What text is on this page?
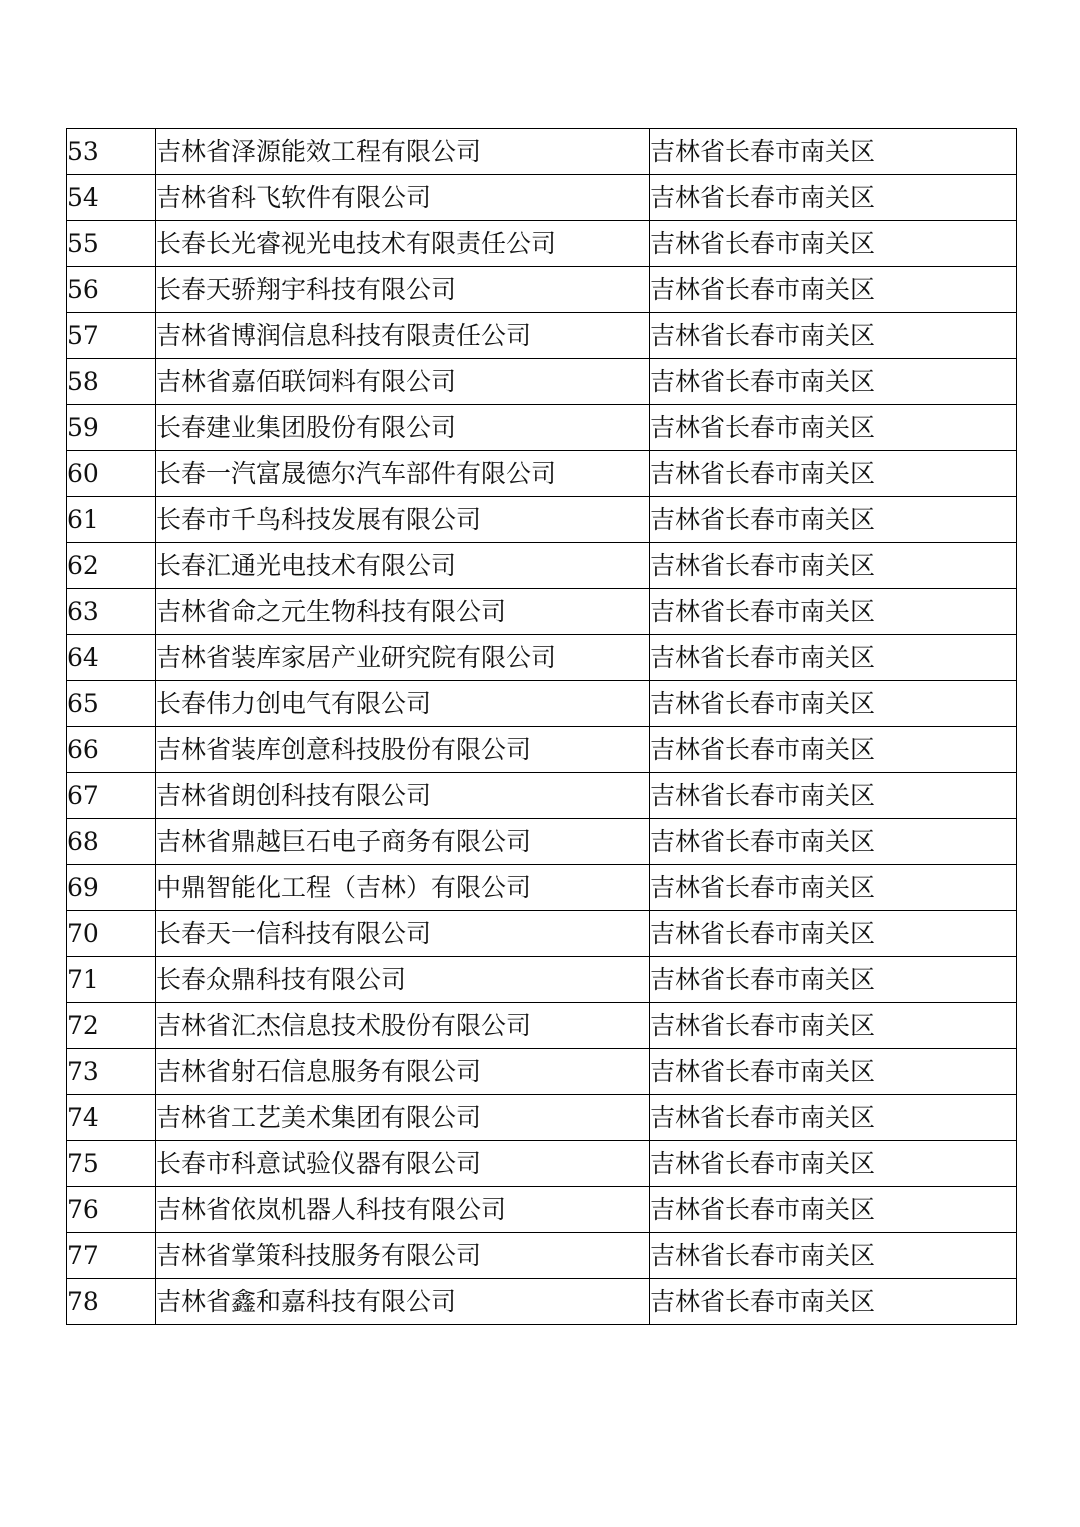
53	吉林省泽源能效工程有限公司	吉林省长春市南关区
54	吉林省科飞软件有限公司	吉林省长春市南关区
55	长春长光睿视光电技术有限责任公司	吉林省长春市南关区
56	长春天骄翔宇科技有限公司	吉林省长春市南关区
57	吉林省博润信息科技有限责任公司	吉林省长春市南关区
58	吉林省嘉佰联饲料有限公司	吉林省长春市南关区
59	长春建业集团股份有限公司	吉林省长春市南关区
60	长春一汽富晟德尔汽车部件有限公司	吉林省长春市南关区
61	长春市千鸟科技发展有限公司	吉林省长春市南关区
62	长春汇通光电技术有限公司	吉林省长春市南关区
63	吉林省命之元生物科技有限公司	吉林省长春市南关区
64	吉林省装库家居产业研究院有限公司	吉林省长春市南关区
65	长春伟力创电气有限公司	吉林省长春市南关区
66	吉林省装库创意科技股份有限公司	吉林省长春市南关区
67	吉林省朗创科技有限公司	吉林省长春市南关区
68	吉林省鼎越巨石电子商务有限公司	吉林省长春市南关区
69	中鼎智能化工程（吉林）有限公司	吉林省长春市南关区
70	长春天一信科技有限公司	吉林省长春市南关区
71	长春众鼎科技有限公司	吉林省长春市南关区
72	吉林省汇杰信息技术股份有限公司	吉林省长春市南关区
73	吉林省射石信息服务有限公司	吉林省长春市南关区
74	吉林省工艺美术集团有限公司	吉林省长春市南关区
75	长春市科意试验仪器有限公司	吉林省长春市南关区
76	吉林省依岚机器人科技有限公司	吉林省长春市南关区
77	吉林省掌策科技服务有限公司	吉林省长春市南关区
78	吉林省鑫和嘉科技有限公司	吉林省长春市南关区
